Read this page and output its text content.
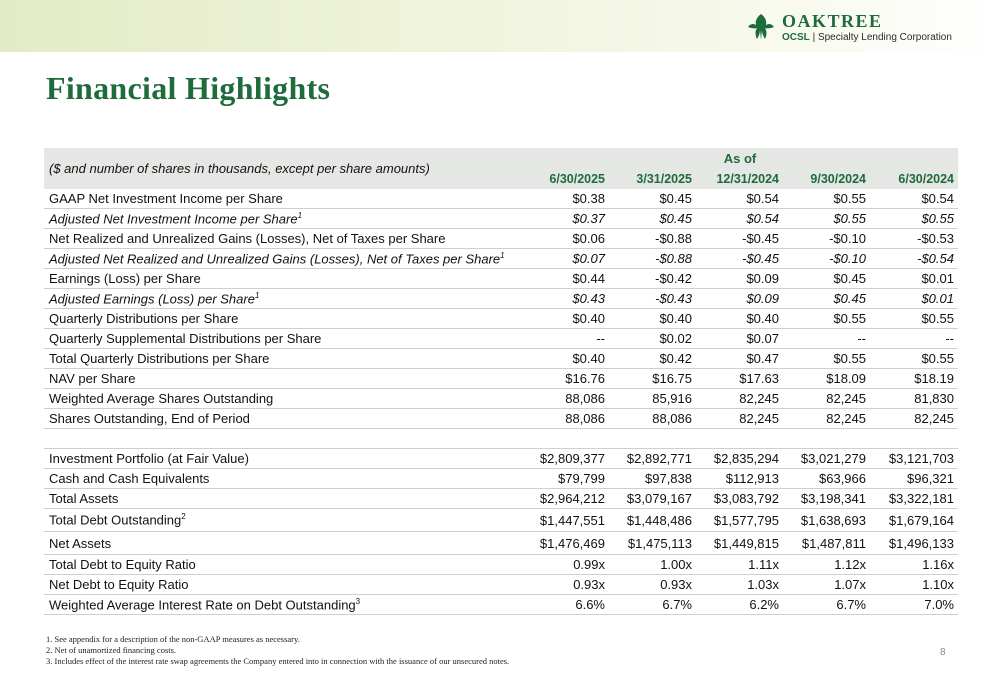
OAKTREE
OCSL | Specialty Lending Corporation
Financial Highlights
($ and number of shares in thousands, except per share amounts)	As of				
	6/30/2025	3/31/2025	12/31/2024	9/30/2024	6/30/2024
GAAP Net Investment Income per Share	$0.38	$0.45	$0.54	$0.55	$0.54
Adjusted Net Investment Income per Share$^1$	$0.37	$0.45	$0.54	$0.55	$0.55
Net Realized and Unrealized Gains (Losses), Net of Taxes per Share	$0.06	-$0.88	-$0.45	-$0.10	-$0.53
Adjusted Net Realized and Unrealized Gains (Losses), Net of Taxes per Share$^1$	$0.07	-$0.88	-$0.45	-$0.10	-$0.54
Earnings (Loss) per Share	$0.44	-$0.42	$0.09	$0.45	$0.01
Adjusted Earnings (Loss) per Share$^1$	$0.43	-$0.43	$0.09	$0.45	$0.01
Quarterly Distributions per Share	$0.40	$0.40	$0.40	$0.55	$0.55
Quarterly Supplemental Distributions per Share	--	$0.02	$0.07	--	--
Total Quarterly Distributions per Share	$0.40	$0.42	$0.47	$0.55	$0.55
NAV per Share	$16.76	$16.75	$17.63	$18.09	$18.19
Weighted Average Shares Outstanding	88,086	85,916	82,245	82,245	81,830
Shares Outstanding, End of Period	88,086	88,086	82,245	82,245	82,245

Investment Portfolio (at Fair Value)	$2,809,377	$2,892,771	$2,835,294	$3,021,279	$3,121,703
Cash and Cash Equivalents	$79,799	$97,838	$112,913	$63,966	$96,321
Total Assets	$2,964,212	$3,079,167	$3,083,792	$3,198,341	$3,322,181
Total Debt Outstanding$^2$	$1,447,551	$1,448,486	$1,577,795	$1,638,693	$1,679,164
Net Assets	$1,476,469	$1,475,113	$1,449,815	$1,487,811	$1,496,133
Total Debt to Equity Ratio	0.99x	1.00x	1.11x	1.12x	1.16x
Net Debt to Equity Ratio	0.93x	0.93x	1.03x	1.07x	1.10x
Weighted Average Interest Rate on Debt Outstanding$^3$	6.6%	6.7%	6.2%	6.7%	7.0%
1. See appendix for a description of the non-GAAP measures as necessary.
2. Net of unamortized financing costs.
3. Includes effect of the interest rate swap agreements the Company entered into in connection with the issuance of our unsecured notes.
8
